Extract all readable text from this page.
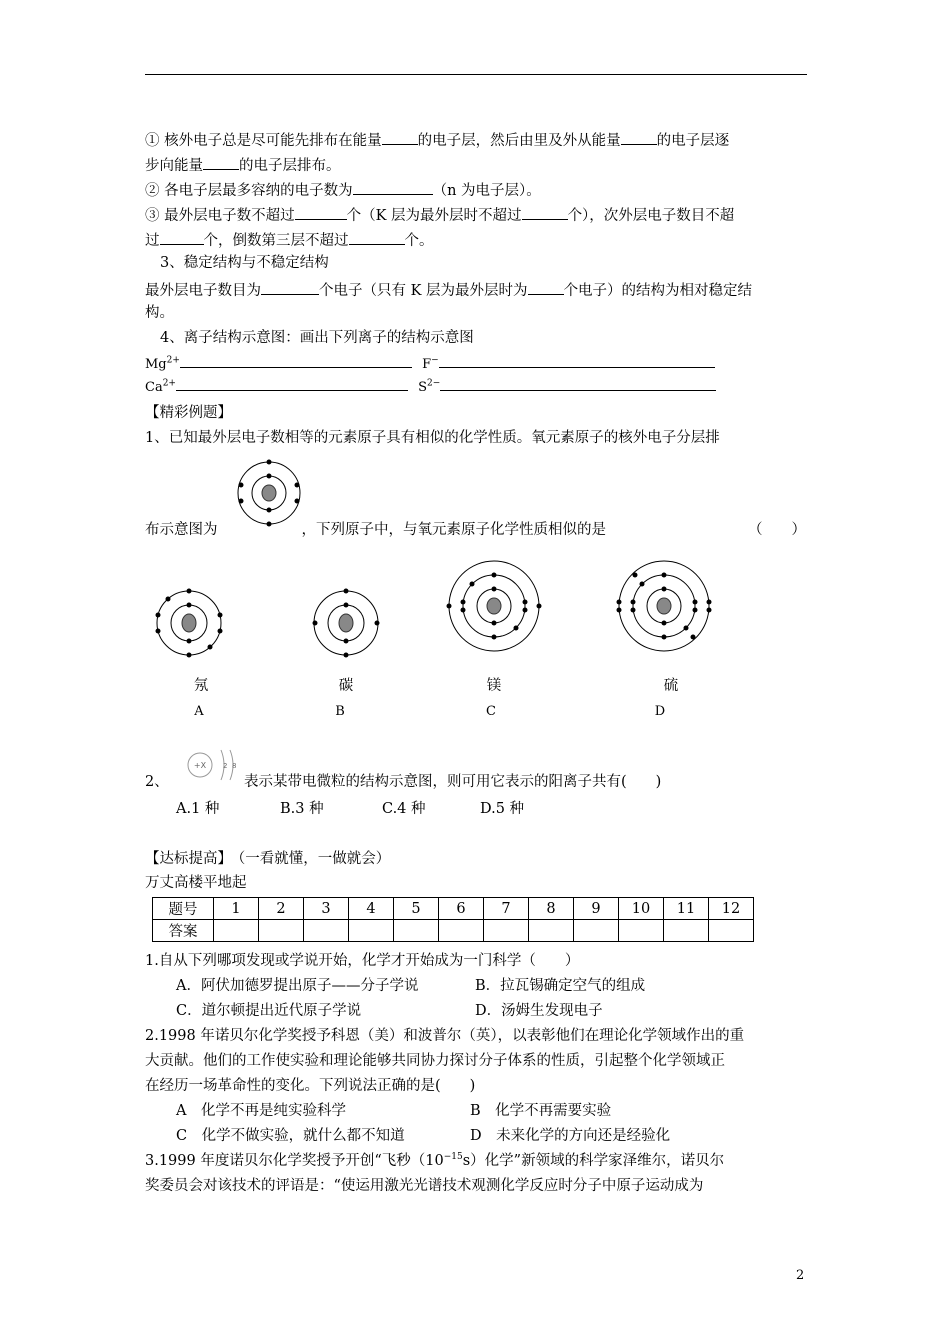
① 核外电子总是尽可能先排布在能量 的电子层，然后由里及外从能量 的电子层逐
步向能量 的电子层排布。
② 各电子层最多容纳的电子数为	（n 为电子层）。
③ 最外层电子数不超过	个（K 层为最外层时不超过	个），次外层电子数目不超
过	个，倒数第三层不超过	个。
3、稳定结构与不稳定结构
最外层电子数目为	个电子（只有 K 层为最外层时为 个电子）的结构为相对稳定结
构。
4、离子结构示意图：画出下列离子的结构示意图
$Mg^{2+}$	F−
$Ca^{2+}$	$S^{2-}$
【精彩例题】
1、已知最外层电子数相等的元素原子具有相似的化学性质。氧元素原子的核外电子分层排
布示意图为	，下列原子中，与氧元素原子化学性质相似的是	（　　）
氖	碳	镁	硫
A	B	C	D
2、
+X 2 8
表示某带电微粒的结构示意图，则可用它表示的阳离子共有(　　)
A.1 种	B.3 种	C.4 种	D.5 种
【达标提高】 （一看就懂，一做就会）
万丈高楼平地起
题号	1	2	3	4	5	6	7	8	9	10	11	12
答案												
1.自从下列哪项发现或学说开始，化学才开始成为一门科学（　　）
A．阿伏加德罗提出原子——分子学说	B．拉瓦锡确定空气的组成
C．道尔顿提出近代原子学说	D．汤姆生发现电子
2.1998 年诺贝尔化学奖授予科恩（美）和波普尔（英），以表彰他们在理论化学领域作出的重
大贡献。他们的工作使实验和理论能够共同协力探讨分子体系的性质，引起整个化学领域正
在经历一场革命性的变化。下列说法正确的是(　　)
A　化学不再是纯实验科学	B　化学不再需要实验
C　化学不做实验，就什么都不知道	D　未来化学的方向还是经验化
3.1999 年度诺贝尔化学奖授予开创“飞秒$(10^{-15}s)$化学”新领域的科学家泽维尔，诺贝尔
奖委员会对该技术的评语是：“使运用激光光谱技术观测化学反应时分子中原子运动成为
2
